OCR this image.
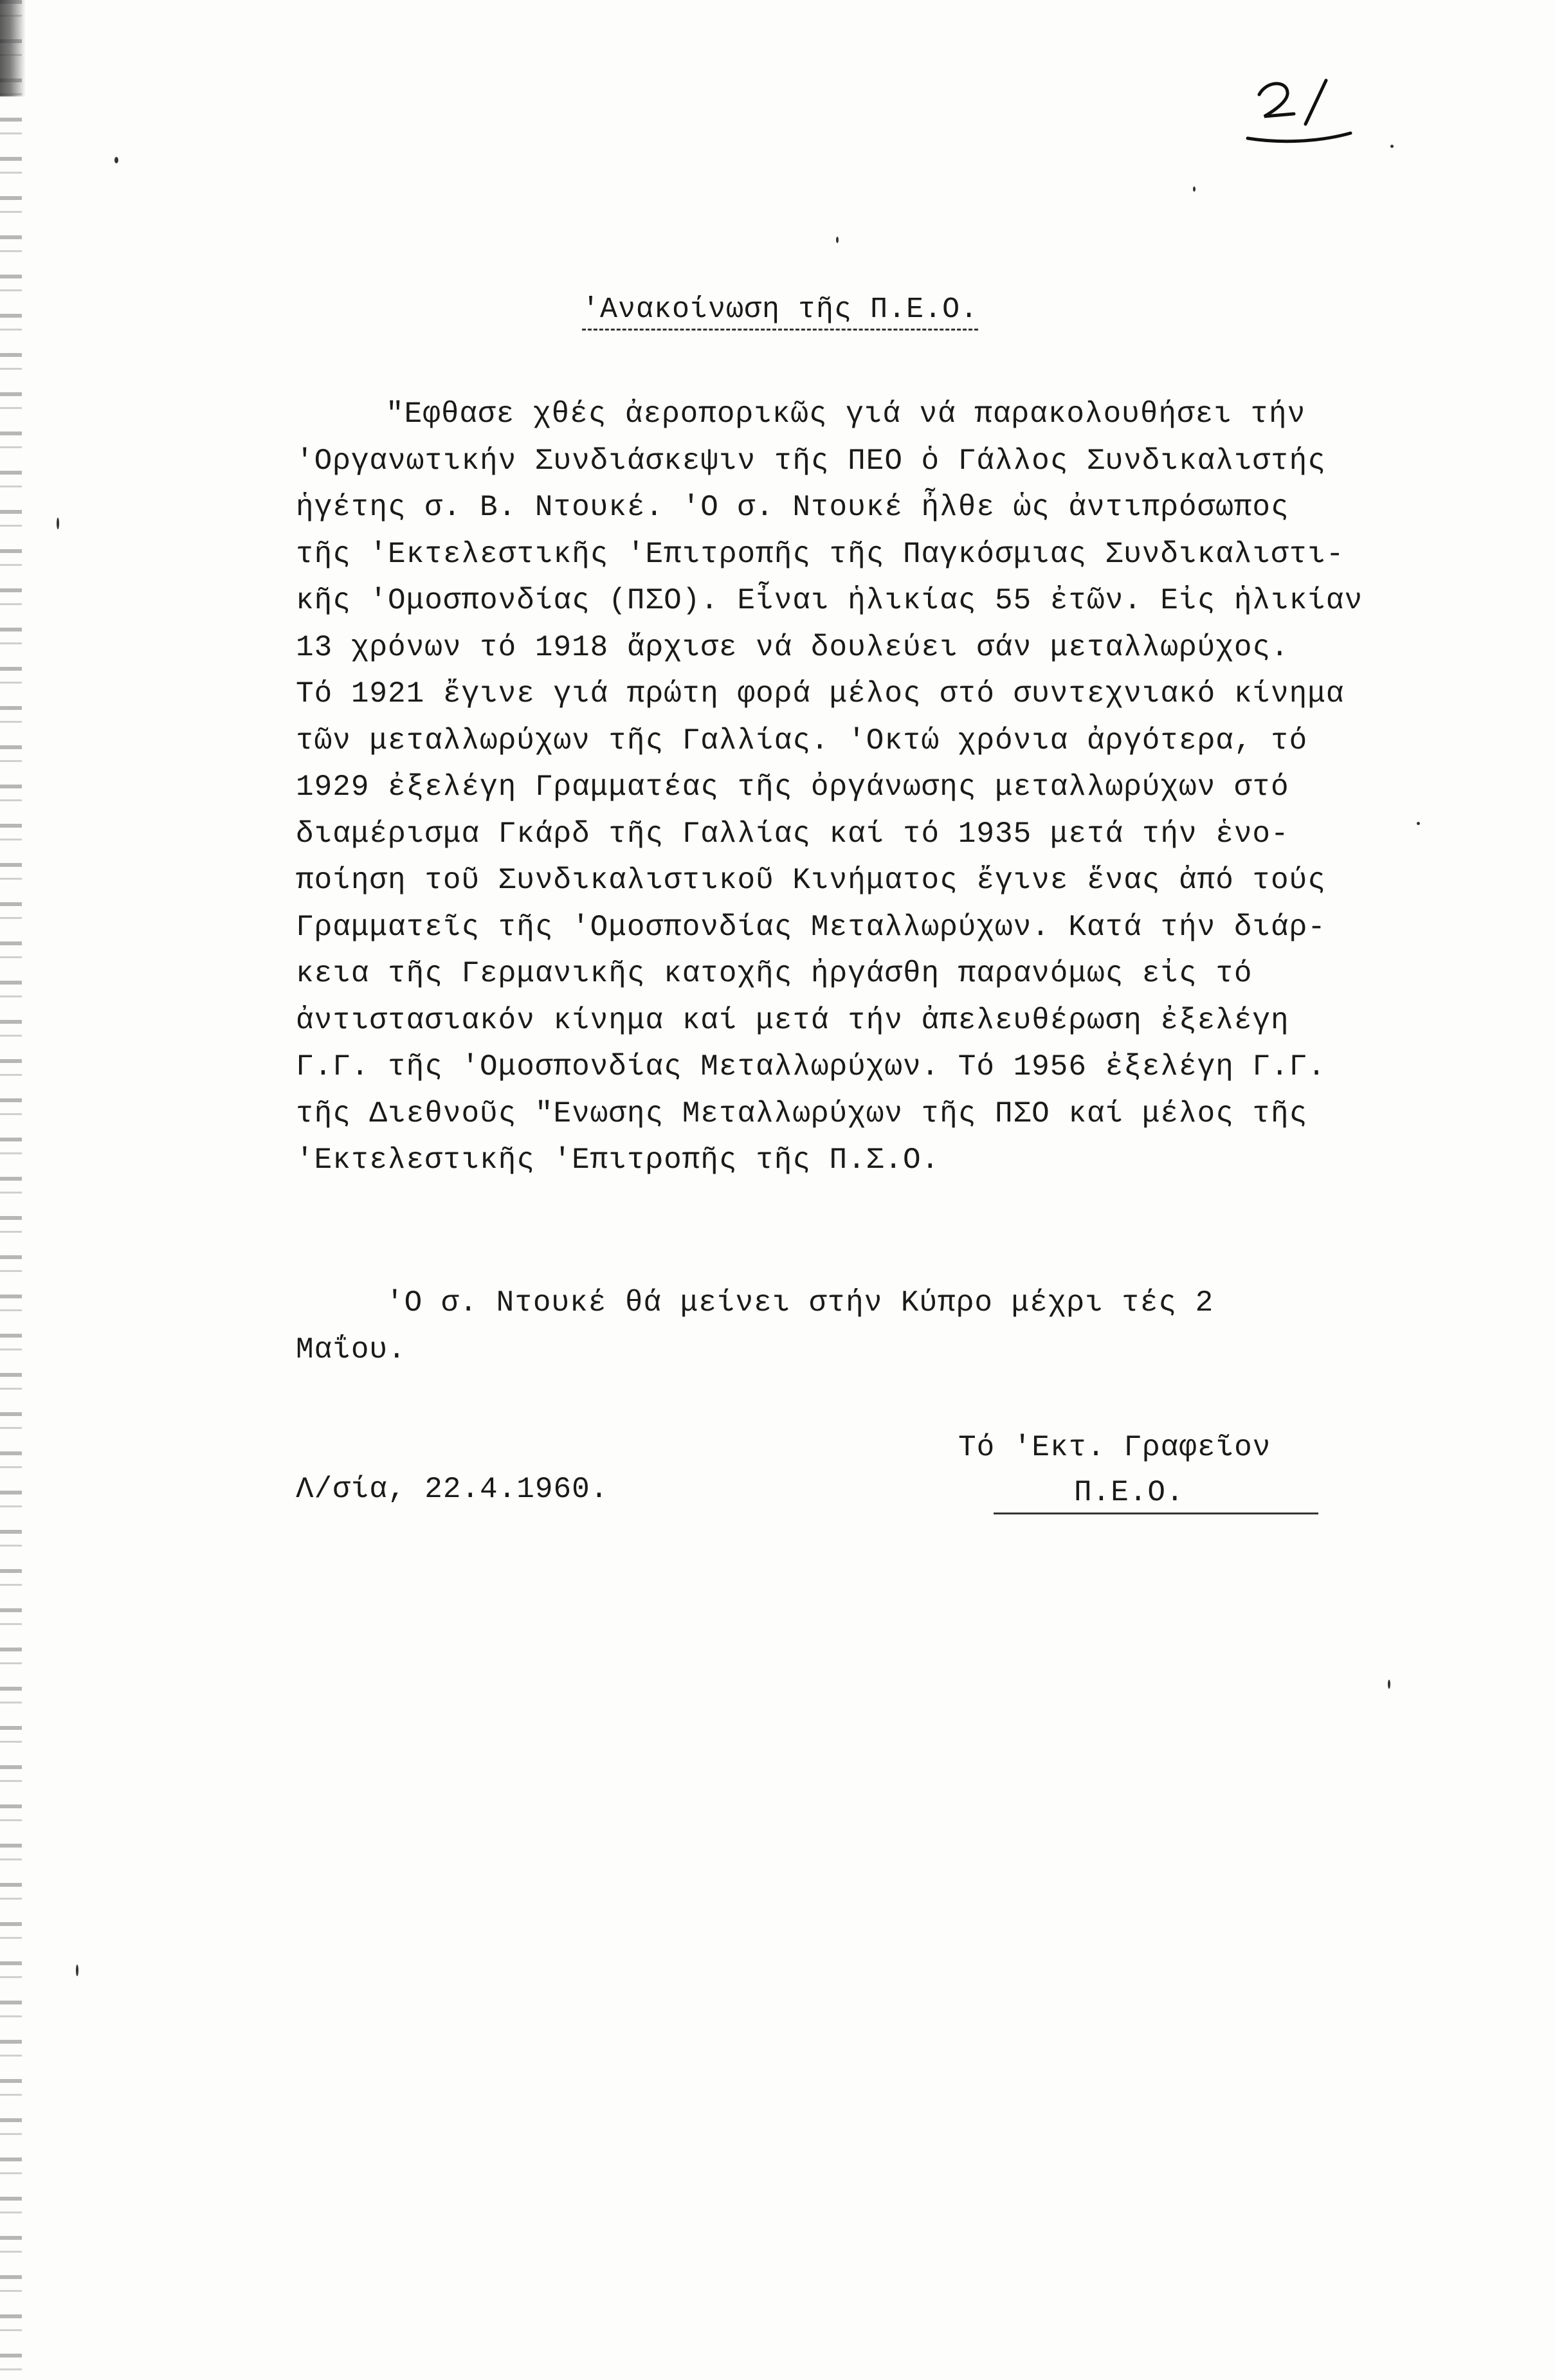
'Ανακοίνωση τῆς Π.Ε.Ο.
"Εφθασε χθές ἀεροπορικῶς γιά νά παρακολουθήσει τήν
'Οργανωτικήν Συνδιάσκεψιν τῆς ΠΕΟ ὁ Γάλλος Συνδικαλιστής
ἡγέτης σ. Β. Ντουκέ. 'Ο σ. Ντουκέ ἦλθε ὡς ἀντιπρόσωπος
τῆς 'Εκτελεστικῆς 'Επιτροπῆς τῆς Παγκόσμιας Συνδικαλιστι-
κῆς 'Ομοσπονδίας (ΠΣΟ). Εἶναι ἡλικίας 55 ἐτῶν. Εἰς ἡλικίαν
13 χρόνων τό 1918 ἄρχισε νά δουλεύει σάν μεταλλωρύχος.
Τό 1921 ἔγινε γιά πρώτη φορά μέλος στό συντεχνιακό κίνημα
τῶν μεταλλωρύχων τῆς Γαλλίας. 'Οκτώ χρόνια ἀργότερα, τό
1929 ἐξελέγη Γραμματέας τῆς ὀργάνωσης μεταλλωρύχων στό
διαμέρισμα Γκάρδ τῆς Γαλλίας καί τό 1935 μετά τήν ἑνο-
ποίηση τοῦ Συνδικαλιστικοῦ Κινήματος ἔγινε ἕνας ἀπό τούς
Γραμματεῖς τῆς 'Ομοσπονδίας Μεταλλωρύχων. Κατά τήν διάρ-
κεια τῆς Γερμανικῆς κατοχῆς ἠργάσθη παρανόμως εἰς τό
ἀντιστασιακόν κίνημα καί μετά τήν ἀπελευθέρωση ἐξελέγη
Γ.Γ. τῆς 'Ομοσπονδίας Μεταλλωρύχων. Τό 1956 ἐξελέγη Γ.Γ.
τῆς Διεθνοῦς "Ενωσης Μεταλλωρύχων τῆς ΠΣΟ καί μέλος τῆς
'Εκτελεστικῆς 'Επιτροπῆς τῆς Π.Σ.Ο.
'Ο σ. Ντουκέ θά μείνει στήν Κύπρο μέχρι τές 2
Μαΐου.
Λ/σία, 22.4.1960.
Τό 'Εκτ. Γραφεῖον
Π.Ε.Ο.
